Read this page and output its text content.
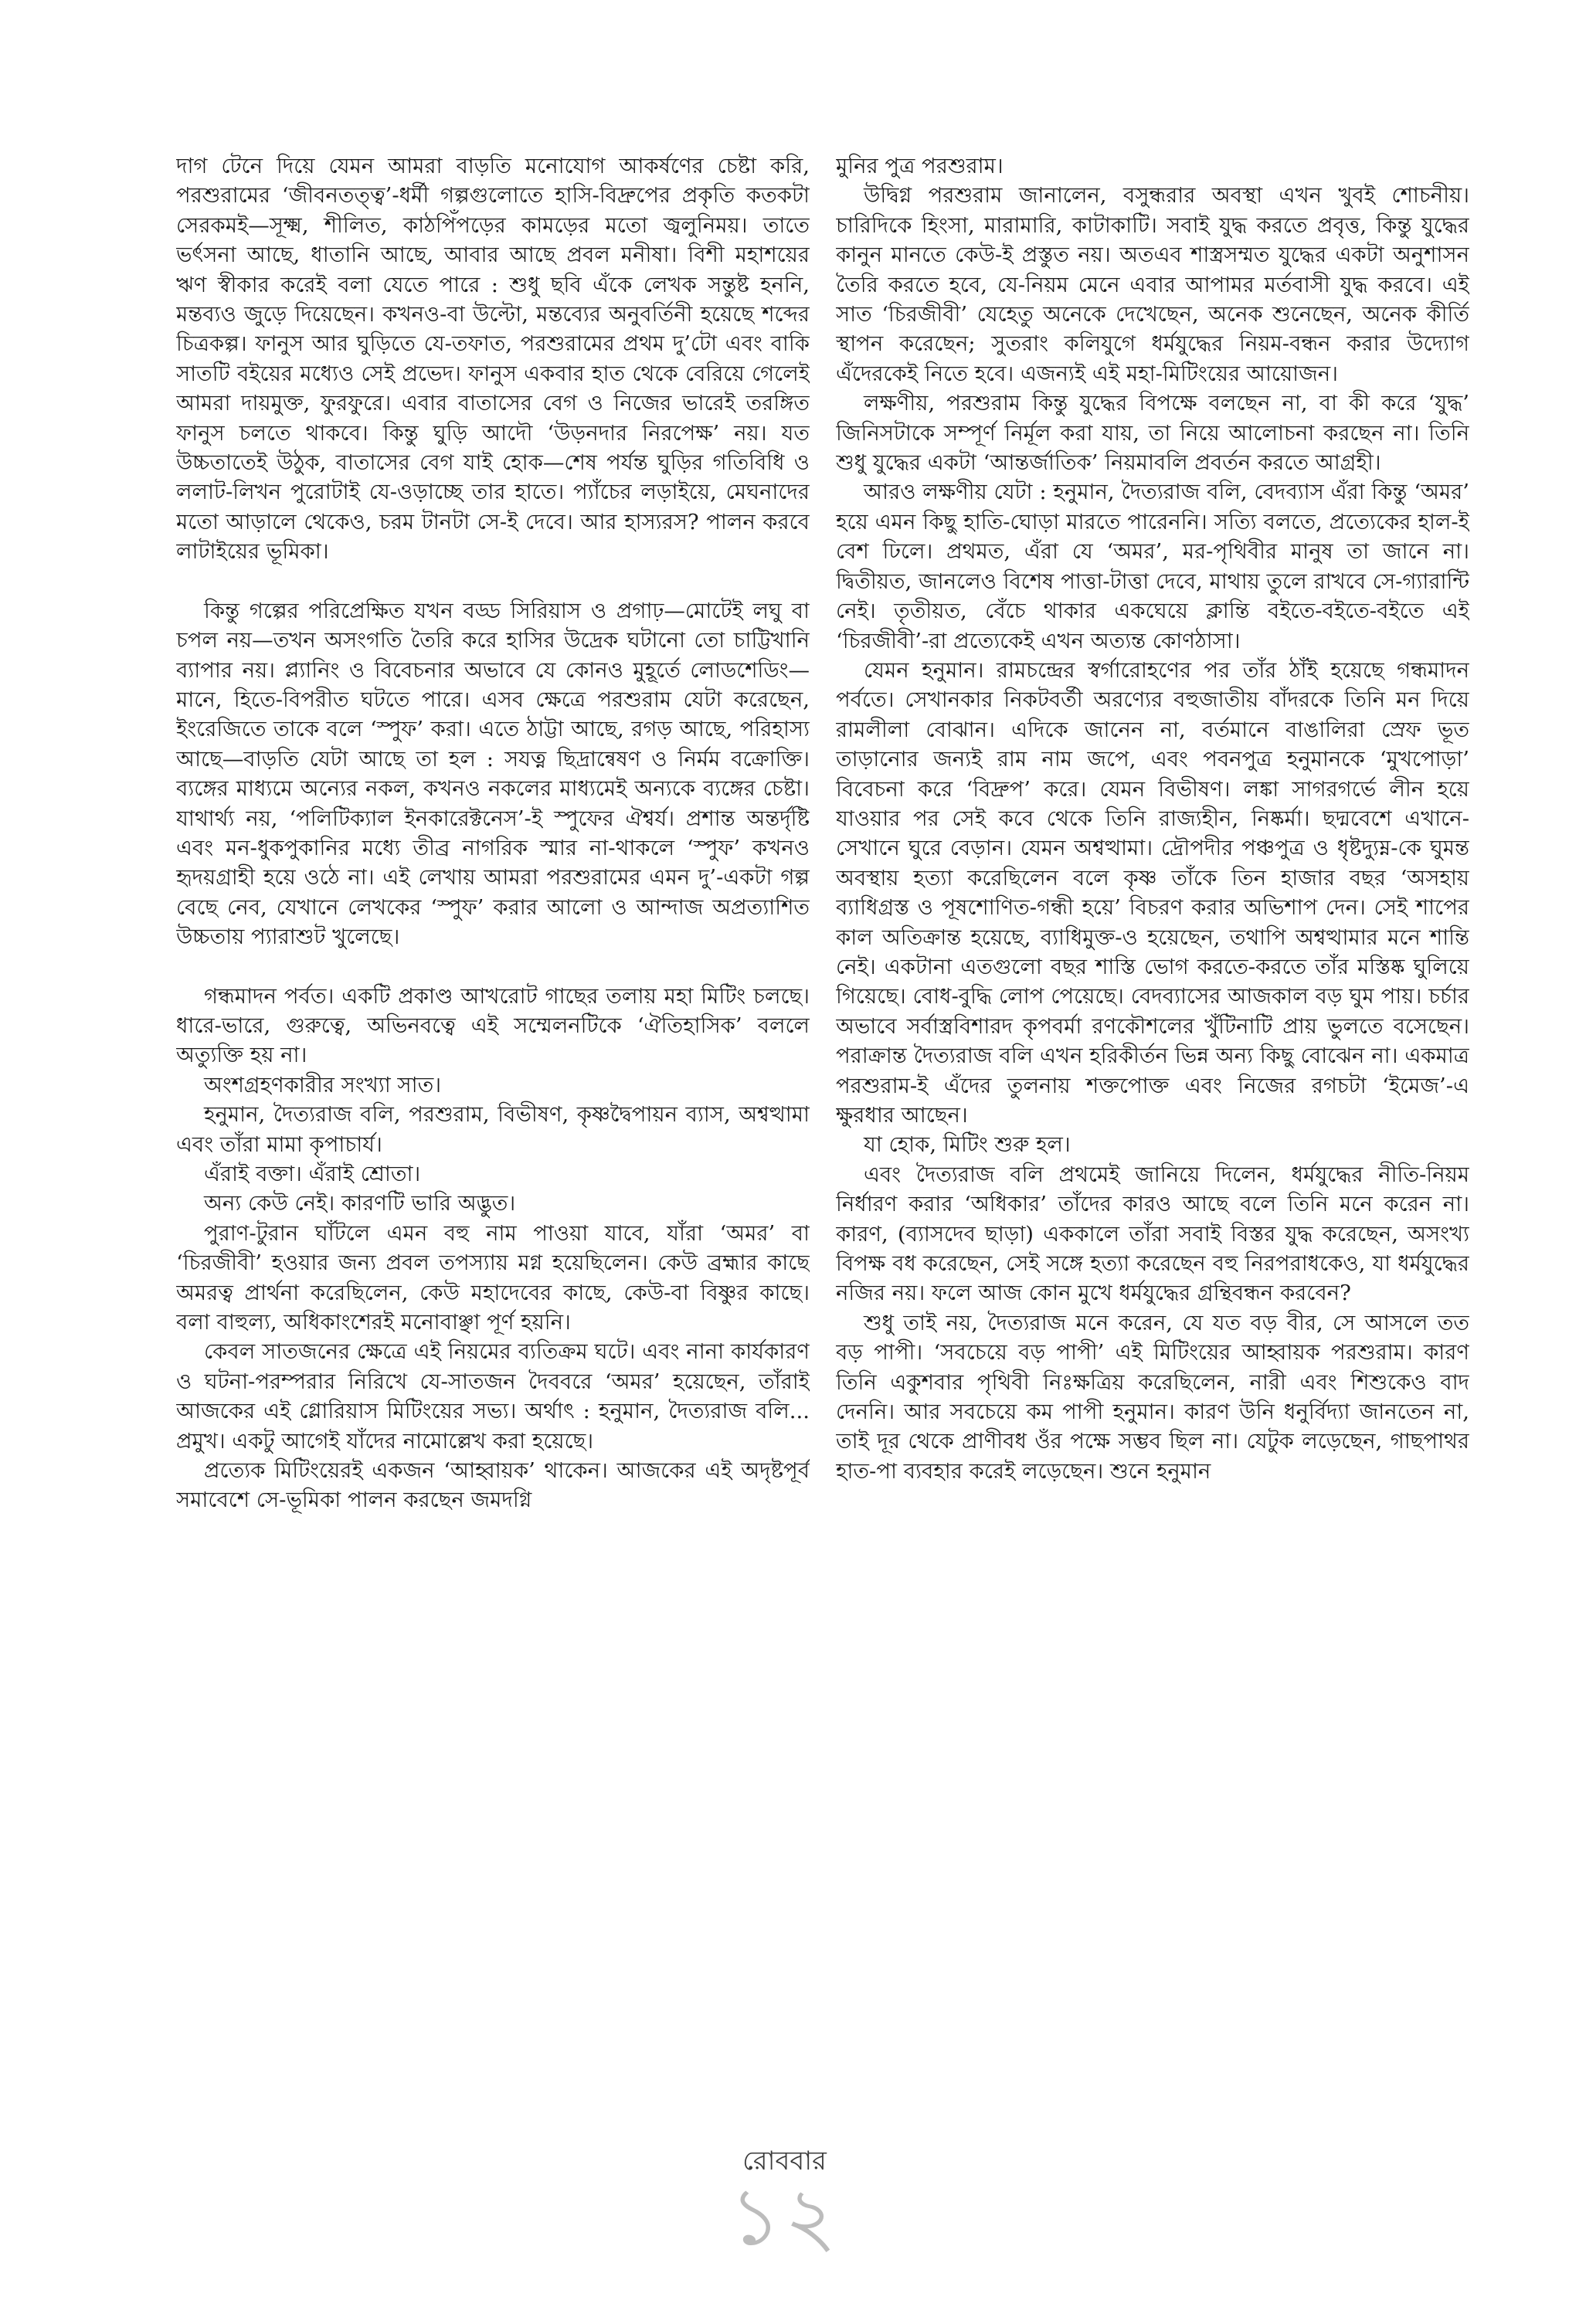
দাগ টেনে দিয়ে যেমন আমরা বাড়তি মনোযোগ আকর্ষণের চেষ্টা করি, পরশুরামের ‘জীবনতত্ত্ব’-ধর্মী গল্পগুলোতে হাসি-বিদ্রুপের প্রকৃতি কতকটা সেরকমই—সূক্ষ্ম, শীলিত, কাঠপিঁপড়ের কামড়ের মতো জ্বলুনিময়। তাতে ভর্ৎসনা আছে, ধাতানি আছে, আবার আছে প্রবল মনীষা। বিশী মহাশয়ের ঋণ স্বীকার করেই বলা যেতে পারে : শুধু ছবি এঁকে লেখক সন্তুষ্ট হননি, মন্তব্যও জুড়ে দিয়েছেন। কখনও-বা উল্টো, মন্তব্যের অনুবর্তিনী হয়েছে শব্দের চিত্রকল্প। ফানুস আর ঘুড়িতে যে-তফাত, পরশুরামের প্রথম দু’টো এবং বাকি সাতটি বইয়ের মধ্যেও সেই প্রভেদ। ফানুস একবার হাত থেকে বেরিয়ে গেলেই আমরা দায়মুক্ত, ফুরফুরে। এবার বাতাসের বেগ ও নিজের ভারেই তরঙ্গিত ফানুস চলতে থাকবে। কিন্তু ঘুড়ি আদৌ ‘উড়নদার নিরপেক্ষ’ নয়। যত উচ্চতাতেই উঠুক, বাতাসের বেগ যাই হোক—শেষ পর্যন্ত ঘুড়ির গতিবিধি ও ললাট-লিখন পুরোটাই যে-ওড়াচ্ছে তার হাতে। প্যাঁচের লড়াইয়ে, মেঘনাদের মতো আড়ালে থেকেও, চরম টানটা সে-ই দেবে। আর হাস্যরস? পালন করবে লাটাইয়ের ভূমিকা।

কিন্তু গল্পের পরিপ্রেক্ষিত যখন বড্ড সিরিয়াস ও প্রগাঢ়—মোটেই লঘু বা চপল নয়—তখন অসংগতি তৈরি করে হাসির উদ্রেক ঘটানো তো চাট্টিখানি ব্যাপার নয়। প্ল্যানিং ও বিবেচনার অভাবে যে কোনও মুহূর্তে লোডশেডিং—মানে, হিতে-বিপরীত ঘটতে পারে। এসব ক্ষেত্রে পরশুরাম যেটা করেছেন, ইংরেজিতে তাকে বলে ‘স্পুফ’ করা। এতে ঠাট্টা আছে, রগড় আছে, পরিহাস্য আছে—বাড়তি যেটা আছে তা হল : সযত্ন ছিদ্রান্বেষণ ও নির্মম বক্রোক্তি। ব্যঙ্গের মাধ্যমে অন্যের নকল, কখনও নকলের মাধ্যমেই অন্যকে ব্যঙ্গের চেষ্টা। যাথার্থ্য নয়, ‘পলিটিক্যাল ইনকারেক্টনেস’-ই স্পুফের ঐশ্বর্য। প্রশান্ত অন্তর্দৃষ্টি এবং মন-ধুকপুকানির মধ্যে তীব্র নাগরিক স্মার না-থাকলে ‘স্পুফ’ কখনও হৃদয়গ্রাহী হয়ে ওঠে না। এই লেখায় আমরা পরশুরামের এমন দু’-একটা গল্প বেছে নেব, যেখানে লেখকের ‘স্পুফ’ করার আলো ও আন্দাজ অপ্রত্যাশিত উচ্চতায় প্যারাশুট খুলেছে।

গন্ধমাদন পর্বত। একটি প্রকাণ্ড আখরোট গাছের তলায় মহা মিটিং চলছে। ধারে-ভারে, গুরুত্বে, অভিনবত্বে এই সম্মেলনটিকে ‘ঐতিহাসিক’ বললে অত্যুক্তি হয় না।

অংশগ্রহণকারীর সংখ্যা সাত।

হনুমান, দৈত্যরাজ বলি, পরশুরাম, বিভীষণ, কৃষ্ণদ্বৈপায়ন ব্যাস, অশ্বত্থামা এবং তাঁরা মামা কৃপাচার্য।

এঁরাই বক্তা। এঁরাই শ্রোতা।

অন্য কেউ নেই। কারণটি ভারি অদ্ভুত।

পুরাণ-টুরান ঘাঁটলে এমন বহু নাম পাওয়া যাবে, যাঁরা ‘অমর’ বা ‘চিরজীবী’ হওয়ার জন্য প্রবল তপস্যায় মগ্ন হয়েছিলেন। কেউ ব্রহ্মার কাছে অমরত্ব প্রার্থনা করেছিলেন, কেউ মহাদেবের কাছে, কেউ-বা বিষ্ণুর কাছে। বলা বাহুল্য, অধিকাংশেরই মনোবাঞ্ছা পূর্ণ হয়নি।

কেবল সাতজনের ক্ষেত্রে এই নিয়মের ব্যতিক্রম ঘটে। এবং নানা কার্যকারণ ও ঘটনা-পরম্পরার নিরিখে যে-সাতজন দৈববরে ‘অমর’ হয়েছেন, তাঁরাই আজকের এই গ্লোরিয়াস মিটিংয়ের সভ্য। অর্থাৎ : হনুমান, দৈত্যরাজ বলি... প্রমুখ। একটু আগেই যাঁদের নামোল্লেখ করা হয়েছে।

প্রত্যেক মিটিংয়েরই একজন ‘আহ্বায়ক’ থাকেন। আজকের এই অদৃষ্টপূর্ব সমাবেশে সে-ভূমিকা পালন করছেন জমদগ্নি

মুনির পুত্র পরশুরাম।

উদ্বিগ্ন পরশুরাম জানালেন, বসুন্ধরার অবস্থা এখন খুবই শোচনীয়। চারিদিকে হিংসা, মারামারি, কাটাকাটি। সবাই যুদ্ধ করতে প্রবৃত্ত, কিন্তু যুদ্ধের কানুন মানতে কেউ-ই প্রস্তুত নয়। অতএব শাস্ত্রসম্মত যুদ্ধের একটা অনুশাসন তৈরি করতে হবে, যে-নিয়ম মেনে এবার আপামর মর্তবাসী যুদ্ধ করবে। এই সাত ‘চিরজীবী’ যেহেতু অনেকে দেখেছেন, অনেক শুনেছেন, অনেক কীর্তি স্থাপন করেছেন; সুতরাং কলিযুগে ধর্মযুদ্ধের নিয়ম-বন্ধন করার উদ্যোগ এঁদেরকেই নিতে হবে। এজন্যই এই মহা-মিটিংয়ের আয়োজন।

লক্ষণীয়, পরশুরাম কিন্তু যুদ্ধের বিপক্ষে বলছেন না, বা কী করে ‘যুদ্ধ’ জিনিসটাকে সম্পূর্ণ নির্মূল করা যায়, তা নিয়ে আলোচনা করছেন না। তিনি শুধু যুদ্ধের একটা ‘আন্তর্জাতিক’ নিয়মাবলি প্রবর্তন করতে আগ্রহী।

আরও লক্ষণীয় যেটা : হনুমান, দৈত্যরাজ বলি, বেদব্যাস এঁরা কিন্তু ‘অমর’ হয়ে এমন কিছু হাতি-ঘোড়া মারতে পারেননি। সত্যি বলতে, প্রত্যেকের হাল-ই বেশ ঢিলে। প্রথমত, এঁরা যে ‘অমর’, মর-পৃথিবীর মানুষ তা জানে না। দ্বিতীয়ত, জানলেও বিশেষ পাত্তা-টাত্তা দেবে, মাথায় তুলে রাখবে সে-গ্যারান্টি নেই। তৃতীয়ত, বেঁচে থাকার একঘেয়ে ক্লান্তি বইতে-বইতে-বইতে এই ‘চিরজীবী’-রা প্রত্যেকেই এখন অত্যন্ত কোণঠাসা।

যেমন হনুমান। রামচন্দ্রের স্বর্গারোহণের পর তাঁর ঠাঁই হয়েছে গন্ধমাদন পর্বতে। সেখানকার নিকটবর্তী অরণ্যের বহুজাতীয় বাঁদরকে তিনি মন দিয়ে রামলীলা বোঝান। এদিকে জানেন না, বর্তমানে বাঙালিরা স্রেফ ভূত তাড়ানোর জন্যই রাম নাম জপে, এবং পবনপুত্র হনুমানকে ‘মুখপোড়া’ বিবেচনা করে ‘বিদ্রুপ’ করে। যেমন বিভীষণ। লঙ্কা সাগরগর্ভে লীন হয়ে যাওয়ার পর সেই কবে থেকে তিনি রাজ্যহীন, নিষ্কর্মা। ছদ্মবেশে এখানে-সেখানে ঘুরে বেড়ান। যেমন অশ্বত্থামা। দ্রৌপদীর পঞ্চপুত্র ও ধৃষ্টদ্যুম্ন-কে ঘুমন্ত অবস্থায় হত্যা করেছিলেন বলে কৃষ্ণ তাঁকে তিন হাজার বছর ‘অসহায় ব্যাধিগ্রস্ত ও পূষশোণিত-গন্ধী হয়ে’ বিচরণ করার অভিশাপ দেন। সেই শাপের কাল অতিক্রান্ত হয়েছে, ব্যাধিমুক্ত-ও হয়েছেন, তথাপি অশ্বত্থামার মনে শান্তি নেই। একটানা এতগুলো বছর শাস্তি ভোগ করতে-করতে তাঁর মস্তিষ্ক ঘুলিয়ে গিয়েছে। বোধ-বুদ্ধি লোপ পেয়েছে। বেদব্যাসের আজকাল বড় ঘুম পায়। চর্চার অভাবে সর্বাস্ত্রবিশারদ কৃপবর্মা রণকৌশলের খুঁটিনাটি প্রায় ভুলতে বসেছেন। পরাক্রান্ত দৈত্যরাজ বলি এখন হরিকীর্তন ভিন্ন অন্য কিছু বোঝেন না। একমাত্র পরশুরাম-ই এঁদের তুলনায় শক্তপোক্ত এবং নিজের রগচটা ‘ইমেজ’-এ ক্ষুরধার আছেন।

যা হোক, মিটিং শুরু হল।

এবং দৈত্যরাজ বলি প্রথমেই জানিয়ে দিলেন, ধর্মযুদ্ধের নীতি-নিয়ম নির্ধারণ করার ‘অধিকার’ তাঁদের কারও আছে বলে তিনি মনে করেন না। কারণ, (ব্যাসদেব ছাড়া) এককালে তাঁরা সবাই বিস্তর যুদ্ধ করেছেন, অসংখ্য বিপক্ষ বধ করেছেন, সেই সঙ্গে হত্যা করেছেন বহু নিরপরাধকেও, যা ধর্মযুদ্ধের নজির নয়। ফলে আজ কোন মুখে ধর্মযুদ্ধের গ্রন্থিবন্ধন করবেন?

শুধু তাই নয়, দৈত্যরাজ মনে করেন, যে যত বড় বীর, সে আসলে তত বড় পাপী। ‘সবচেয়ে বড় পাপী’ এই মিটিংয়ের আহ্বায়ক পরশুরাম। কারণ তিনি একুশবার পৃথিবী নিঃক্ষত্রিয় করেছিলেন, নারী এবং শিশুকেও বাদ দেননি। আর সবচেয়ে কম পাপী হনুমান। কারণ উনি ধনুর্বিদ্যা জানতেন না, তাই দূর থেকে প্রাণীবধ ওঁর পক্ষে সম্ভব ছিল না। যেটুক লড়েছেন, গাছপাথর হাত-পা ব্যবহার করেই লড়েছেন। শুনে হনুমান

রোববার
১২
